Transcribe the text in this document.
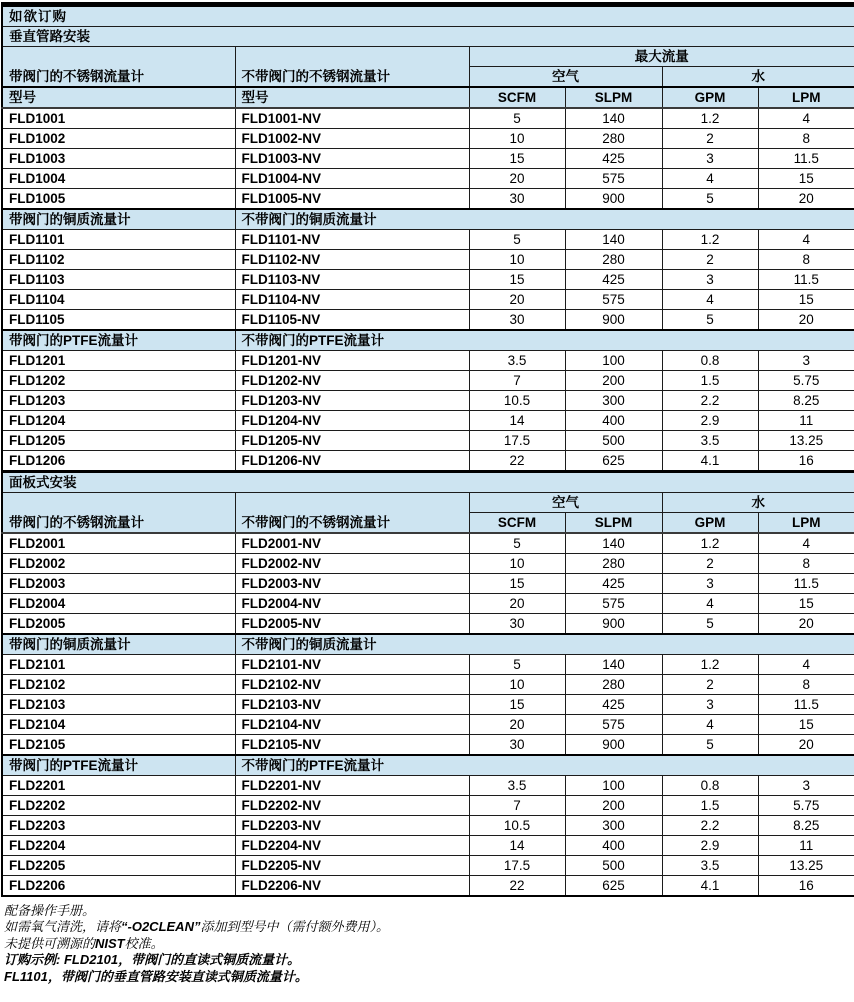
如欲订购					
垂直管路安装					
带阀门的不锈钢流量计	不带阀门的不锈钢流量计	最大流量			
		空气		水	
型号	型号	SCFM	SLPM	GPM	LPM
FLD1001	FLD1001-NV	5	140	1.2	4
FLD1002	FLD1002-NV	10	280	2	8
FLD1003	FLD1003-NV	15	425	3	11.5
FLD1004	FLD1004-NV	20	575	4	15
FLD1005	FLD1005-NV	30	900	5	20
带阀门的铜质流量计	不带阀门的铜质流量计				
FLD1101	FLD1101-NV	5	140	1.2	4
FLD1102	FLD1102-NV	10	280	2	8
FLD1103	FLD1103-NV	15	425	3	11.5
FLD1104	FLD1104-NV	20	575	4	15
FLD1105	FLD1105-NV	30	900	5	20
带阀门的PTFE流量计	不带阀门的PTFE流量计				
FLD1201	FLD1201-NV	3.5	100	0.8	3
FLD1202	FLD1202-NV	7	200	1.5	5.75
FLD1203	FLD1203-NV	10.5	300	2.2	8.25
FLD1204	FLD1204-NV	14	400	2.9	11
FLD1205	FLD1205-NV	17.5	500	3.5	13.25
FLD1206	FLD1206-NV	22	625	4.1	16
面板式安装					
带阀门的不锈钢流量计	不带阀门的不锈钢流量计	空气		水	
		SCFM	SLPM	GPM	LPM
FLD2001	FLD2001-NV	5	140	1.2	4
FLD2002	FLD2002-NV	10	280	2	8
FLD2003	FLD2003-NV	15	425	3	11.5
FLD2004	FLD2004-NV	20	575	4	15
FLD2005	FLD2005-NV	30	900	5	20
带阀门的铜质流量计	不带阀门的铜质流量计				
FLD2101	FLD2101-NV	5	140	1.2	4
FLD2102	FLD2102-NV	10	280	2	8
FLD2103	FLD2103-NV	15	425	3	11.5
FLD2104	FLD2104-NV	20	575	4	15
FLD2105	FLD2105-NV	30	900	5	20
带阀门的PTFE流量计	不带阀门的PTFE流量计				
FLD2201	FLD2201-NV	3.5	100	0.8	3
FLD2202	FLD2202-NV	7	200	1.5	5.75
FLD2203	FLD2203-NV	10.5	300	2.2	8.25
FLD2204	FLD2204-NV	14	400	2.9	11
FLD2205	FLD2205-NV	17.5	500	3.5	13.25
FLD2206	FLD2206-NV	22	625	4.1	16
配备操作手册。
如需氧气清洗，请将“-O2CLEAN”添加到型号中（需付额外费用）。
未提供可溯源的NIST校准。
订购示例: FLD2101，带阀门的直读式铜质流量计。
FL1101，带阀门的垂直管路安装直读式铜质流量计。
